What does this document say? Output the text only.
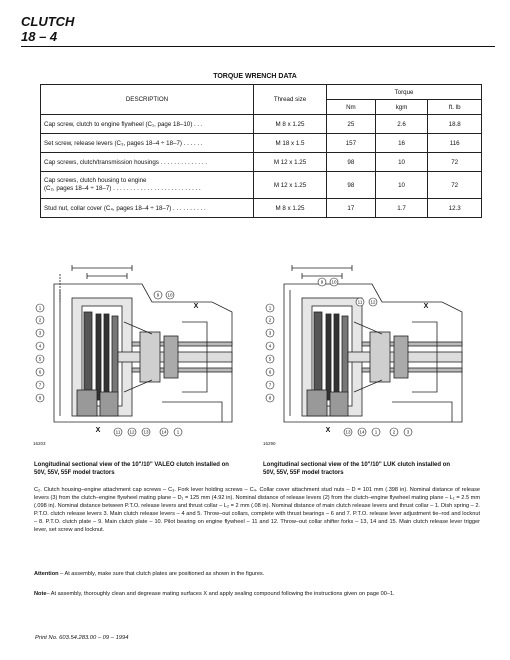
CLUTCH
18 – 4
TORQUE WRENCH DATA
DESCRIPTION	Thread size	Torque		
		Nm	kgm	ft. lb
Cap screw, clutch to engine flywheel (C₁, page 18–10) . . .	M 8 x 1.25	25	2.6	18.8
Set screw, release levers (C₃, pages 18–4 ÷ 18–7) . . . . . .	M 18 x 1.5	157	16	116
Cap screws, clutch/transmission housings . . . . . . . . . . . . . .	M 12 x 1.25	98	10	72
Cap screws, clutch housing to engine
(C₂, pages 18–4 ÷ 18–7) . . . . . . . . . . . . . . . . . . . . . . . . . .	M 12 x 1.25	98	10	72
Stud nut, collar cover (C₄, pages 18–4 ÷ 18–7) . . . . . . . . . .	M 8 x 1.25	17	1.7	12.3
1
2
3
4
5
6
7
8
9 10
11 12 13	14 1
X
X
16203
1
2
3
4
5
6
7
8
9 10
11 12
13 14 1	2	3
X
X
16290
Longitudinal sectional view of the 10"/10" VALEO clutch installed on 50V, 55V, 55F model tractors
Longitudinal sectional view of the 10"/10" LUK clutch installed on 50V, 55V, 55F model tractors
C₂. Clutch housing–engine attachment cap screws – C₃. Fork lever holding screws – C₄. Collar cover attachment stud nuts – D = 101 mm (.398 in). Nominal distance of release levers (3) from the clutch–engine flywheel mating plane – D₁ = 125 mm (4.92 in). Nominal distance of release levers (2) from the clutch–engine flywheel mating plane – L₁ = 2.5 mm (.098 in). Nominal distance between P.T.O. release levers and thrust collar – L₂ = 2 mm (.08 in). Nominal distance of main clutch release levers and thrust collar – 1. Dish spring – 2. P.T.O. clutch release levers 3. Main clutch release levers – 4 and 5. Throw–out collars, complete with thrust bearings – 6 and 7. P.T.O. release lever adjustment tie–rod and locknut – 8. P.T.O. clutch plate – 9. Main clutch plate – 10. Pilot bearing on engine flywheel – 11 and 12. Throw–out collar shifter forks – 13, 14 and 15. Main clutch release lever trigger lever, set screw and locknut.
Attention – At assembly, make sure that clutch plates are positioned as shown in the figures.
Note– At assembly, thoroughly clean and degrease mating surfaces X and apply sealing compound following the instructions given on page 00–1.
Print No. 603.54.283.00 – 09 – 1994
